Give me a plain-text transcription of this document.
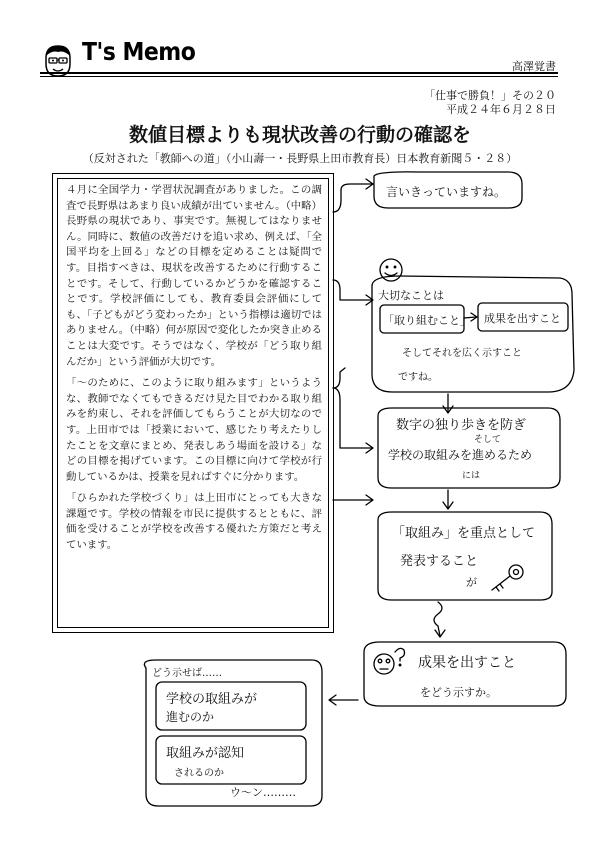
T's Memo	高澤覚書
「仕事で勝負！」その２０
平成２４年６月２８日
数値目標よりも現状改善の行動の確認を
（反対された「教師への道」（小山壽一・長野県上田市教育長）日本教育新聞５・２８）

４月に全国学力・学習状況調査がありました。この調査で長野県はあまり良い成績が出ていません。（中略）長野県の現状であり、事実です。無視してはなりません。同時に、数値の改善だけを追い求め、例えば、「全国平均を上回る」などの目標を定めることは疑問です。目指すべきは、現状を改善するために行動することです。そして、行動しているかどうかを確認することです。学校評価にしても、教育委員会評価にしても、「子どもがどう変わったか」という指標は適切ではありません。（中略）何が原因で変化したか突き止めることは大変です。そうではなく、学校が「どう取り組んだか」という評価が大切です。

「〜のために、このように取り組みます」というような、教師でなくてもできるだけ見た目でわかる取り組みを約束し、それを評価してもらうことが大切なのです。上田市では「授業において、感じたり考えたりしたことを文章にまとめ、発表しあう場面を設ける」などの目標を掲げています。この目標に向けて学校が行動しているかは、授業を見ればすぐに分かります。

「ひらかれた学校づくり」は上田市にとっても大きな課題です。学校の情報を市民に提供するとともに、評価を受けることが学校を改善する優れた方策だと考えています。

言いきっていますね。
大切なことは
「取り組むこと」 成果を出すこと
そしてそれを広く示すこと
ですね。
数字の独り歩きを防ぎ
そして
学校の取組みを進めるため
には
「取組み」を重点として
発表すること
が
成果を出すこと
をどう示すか。
どう示せば……
学校の取組みが
進むのか
取組みが認知
されるのか
ウ〜ン………
